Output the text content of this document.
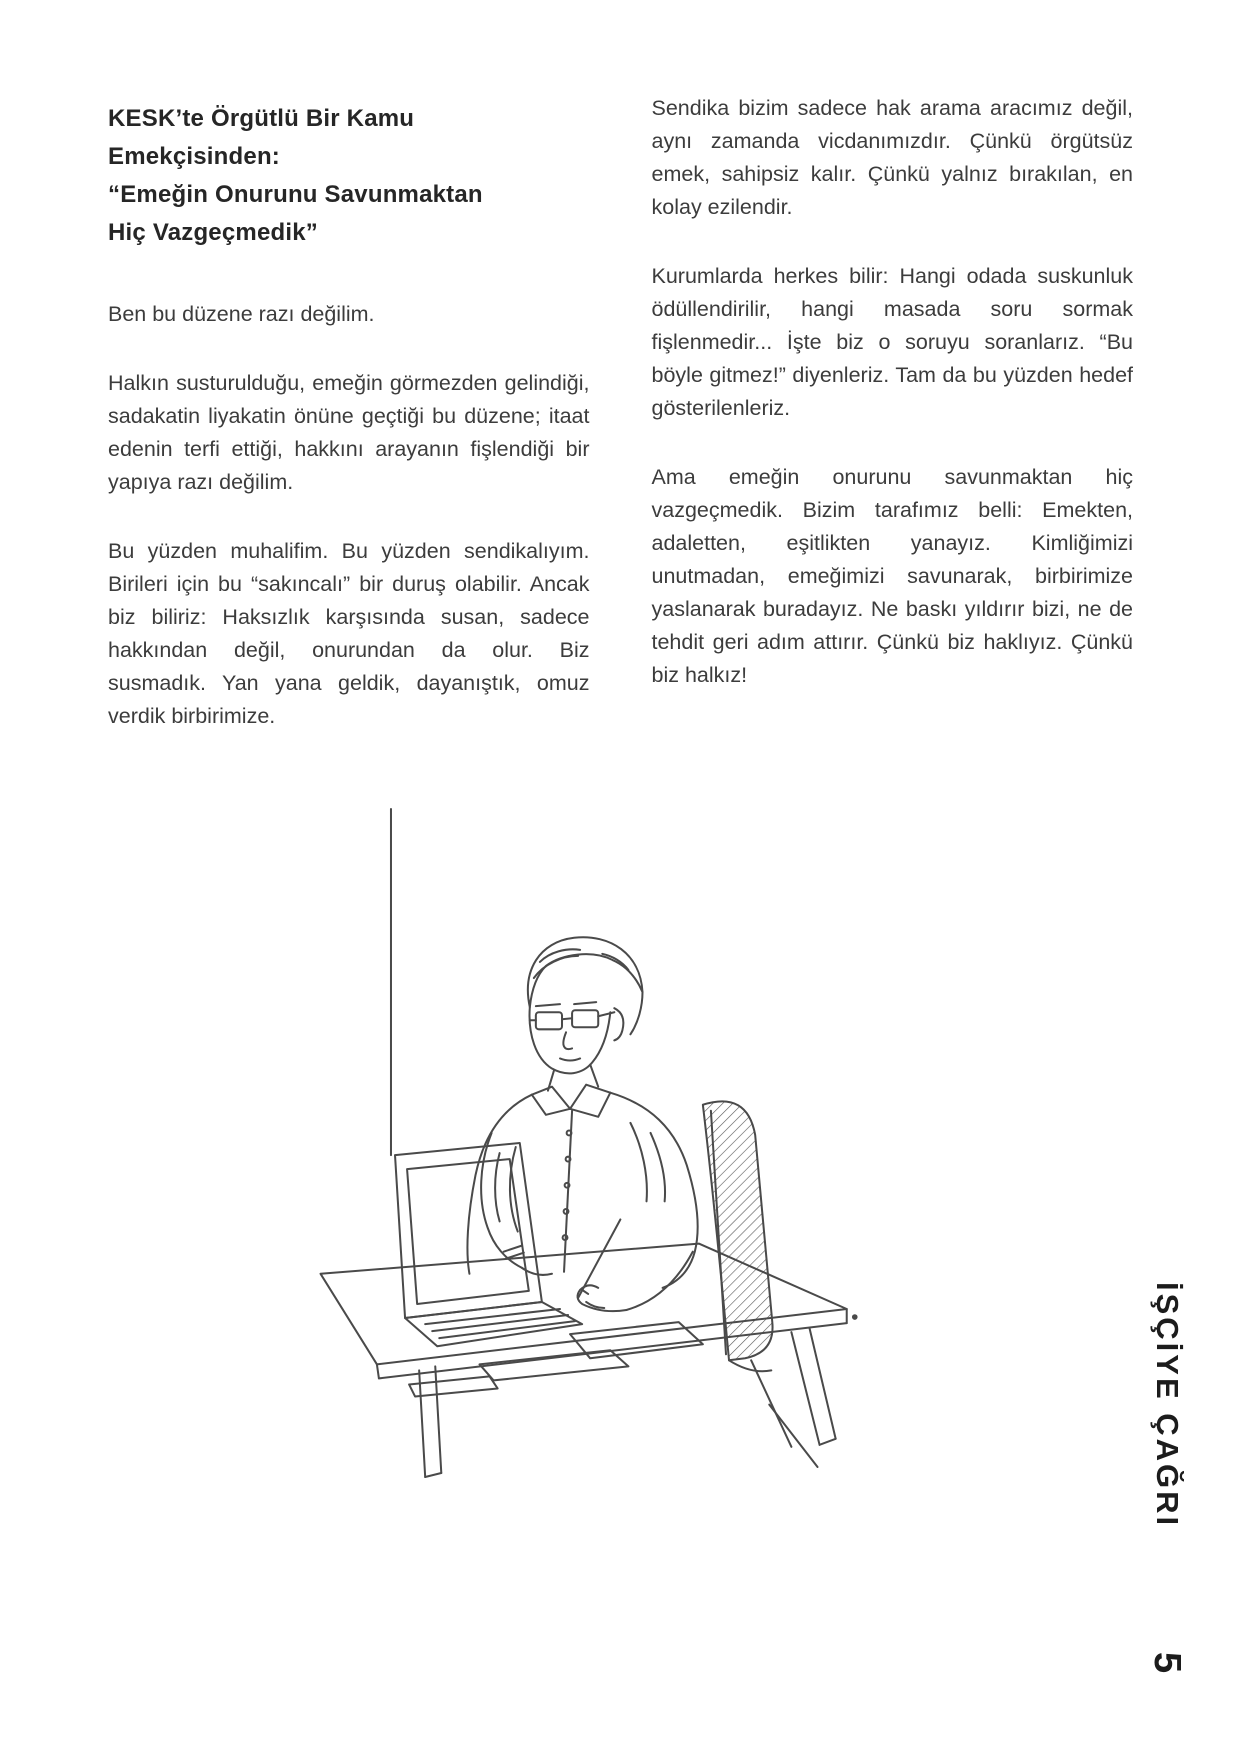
KESK’te Örgütlü Bir Kamu
Emekçisinden:
“Emeğin Onurunu Savunmaktan
Hiç Vazgeçmedik”

Ben bu düzene razı değilim.

Halkın susturulduğu, emeğin görmezden gelindiği, sadakatin liyakatin önüne geçtiği bu düzene; itaat edenin terfi ettiği, hakkını arayanın fişlendiği bir yapıya razı değilim.

Bu yüzden muhalifim. Bu yüzden sendikalıyım. Birileri için bu “sakıncalı” bir duruş olabilir. Ancak biz biliriz: Haksızlık karşısında susan, sadece hakkından değil, onurundan da olur. Biz susmadık. Yan yana geldik, dayanıştık, omuz verdik birbirimize.

Sendika bizim sadece hak arama aracımız değil, aynı zamanda vicdanımızdır. Çünkü örgütsüz emek, sahipsiz kalır. Çünkü yalnız bırakılan, en kolay ezilendir.

Kurumlarda herkes bilir: Hangi odada suskunluk ödüllendirilir, hangi masada soru sormak fişlenmedir... İşte biz o soruyu soranlarız. “Bu böyle gitmez!” diyenleriz. Tam da bu yüzden hedef gösterilenleriz.

Ama emeğin onurunu savunmaktan hiç vazgeçmedik. Bizim tarafımız belli: Emekten, adaletten, eşitlikten yanayız. Kimliğimizi unutmadan, emeğimizi savunarak, birbirimize yaslanarak buradayız. Ne baskı yıldırır bizi, ne de tehdit geri adım attırır. Çünkü biz haklıyız. Çünkü biz halkız!

İŞÇİYE ÇAĞRI
5
